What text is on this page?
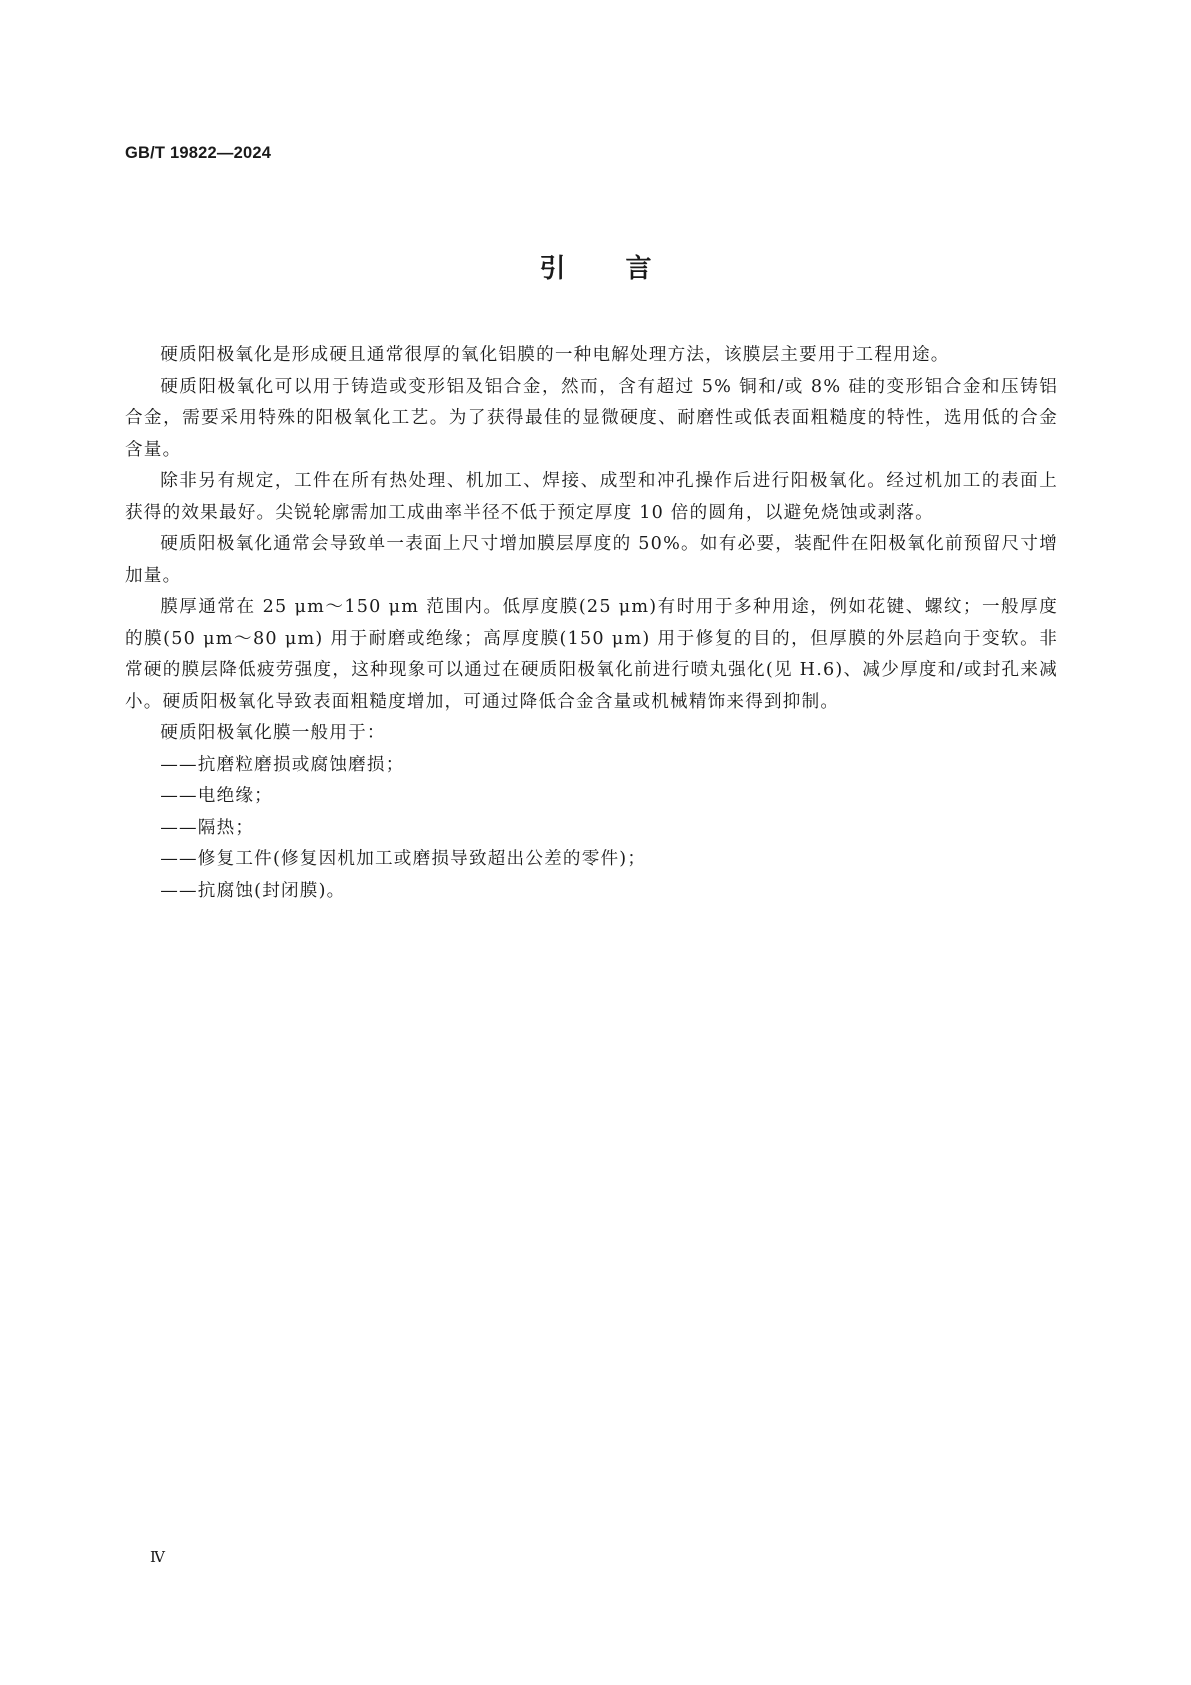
GB/T 19822—2024
引言

硬质阳极氧化是形成硬且通常很厚的氧化铝膜的一种电解处理方法，该膜层主要用于工程用途。

硬质阳极氧化可以用于铸造或变形铝及铝合金，然而，含有超过 5% 铜和/或 8% 硅的变形铝合金和压铸铝合金，需要采用特殊的阳极氧化工艺。为了获得最佳的显微硬度、耐磨性或低表面粗糙度的特性，选用低的合金含量。

除非另有规定，工件在所有热处理、机加工、焊接、成型和冲孔操作后进行阳极氧化。经过机加工的表面上获得的效果最好。尖锐轮廓需加工成曲率半径不低于预定厚度 10 倍的圆角，以避免烧蚀或剥落。

硬质阳极氧化通常会导致单一表面上尺寸增加膜层厚度的 50%。如有必要，装配件在阳极氧化前预留尺寸增加量。

膜厚通常在 25 μm～150 μm 范围内。低厚度膜(25 μm)有时用于多种用途，例如花键、螺纹；一般厚度的膜(50 μm～80 μm) 用于耐磨或绝缘；高厚度膜(150 μm) 用于修复的目的，但厚膜的外层趋向于变软。非常硬的膜层降低疲劳强度，这种现象可以通过在硬质阳极氧化前进行喷丸强化(见 H.6)、减少厚度和/或封孔来减小。硬质阳极氧化导致表面粗糙度增加，可通过降低合金含量或机械精饰来得到抑制。

硬质阳极氧化膜一般用于：

——抗磨粒磨损或腐蚀磨损；

——电绝缘；

——隔热；

——修复工件(修复因机加工或磨损导致超出公差的零件)；

——抗腐蚀(封闭膜)。

Ⅳ
